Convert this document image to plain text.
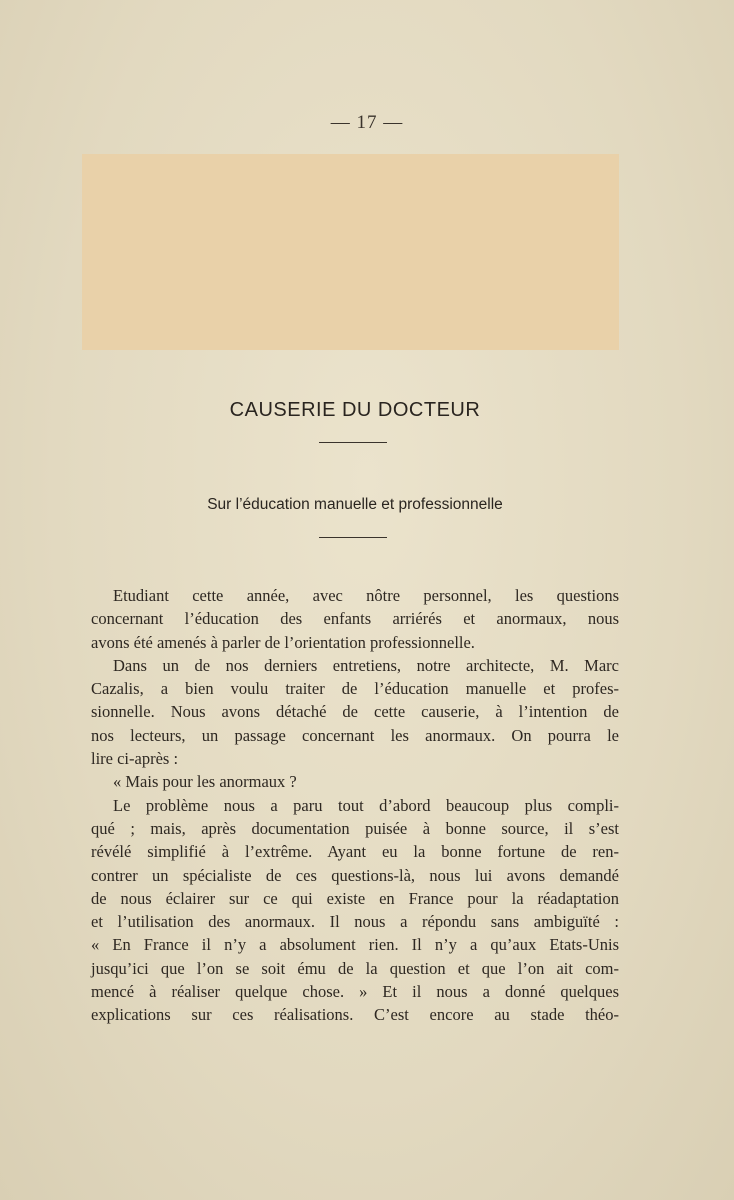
— 17 —
CAUSERIE DU DOCTEUR
Sur l’éducation manuelle et professionnelle
Etudiant cette année, avec nôtre personnel, les questions
concernant l’éducation des enfants arriérés et anormaux, nous
avons été amenés à parler de l’orientation professionnelle.
Dans un de nos derniers entretiens, notre architecte, M. Marc
Cazalis, a bien voulu traiter de l’éducation manuelle et profes-
sionnelle. Nous avons détaché de cette causerie, à l’intention de
nos lecteurs, un passage concernant les anormaux. On pourra le
lire ci-après :
« Mais pour les anormaux ?
Le problème nous a paru tout d’abord beaucoup plus compli-
qué ; mais, après documentation puisée à bonne source, il s’est
révélé simplifié à l’extrême. Ayant eu la bonne fortune de ren-
contrer un spécialiste de ces questions-là, nous lui avons demandé
de nous éclairer sur ce qui existe en France pour la réadaptation
et l’utilisation des anormaux. Il nous a répondu sans ambiguïté :
« En France il n’y a absolument rien. Il n’y a qu’aux Etats-Unis
jusqu’ici que l’on se soit ému de la question et que l’on ait com-
mencé à réaliser quelque chose. » Et il nous a donné quelques
explications sur ces réalisations. C’est encore au stade théo-
